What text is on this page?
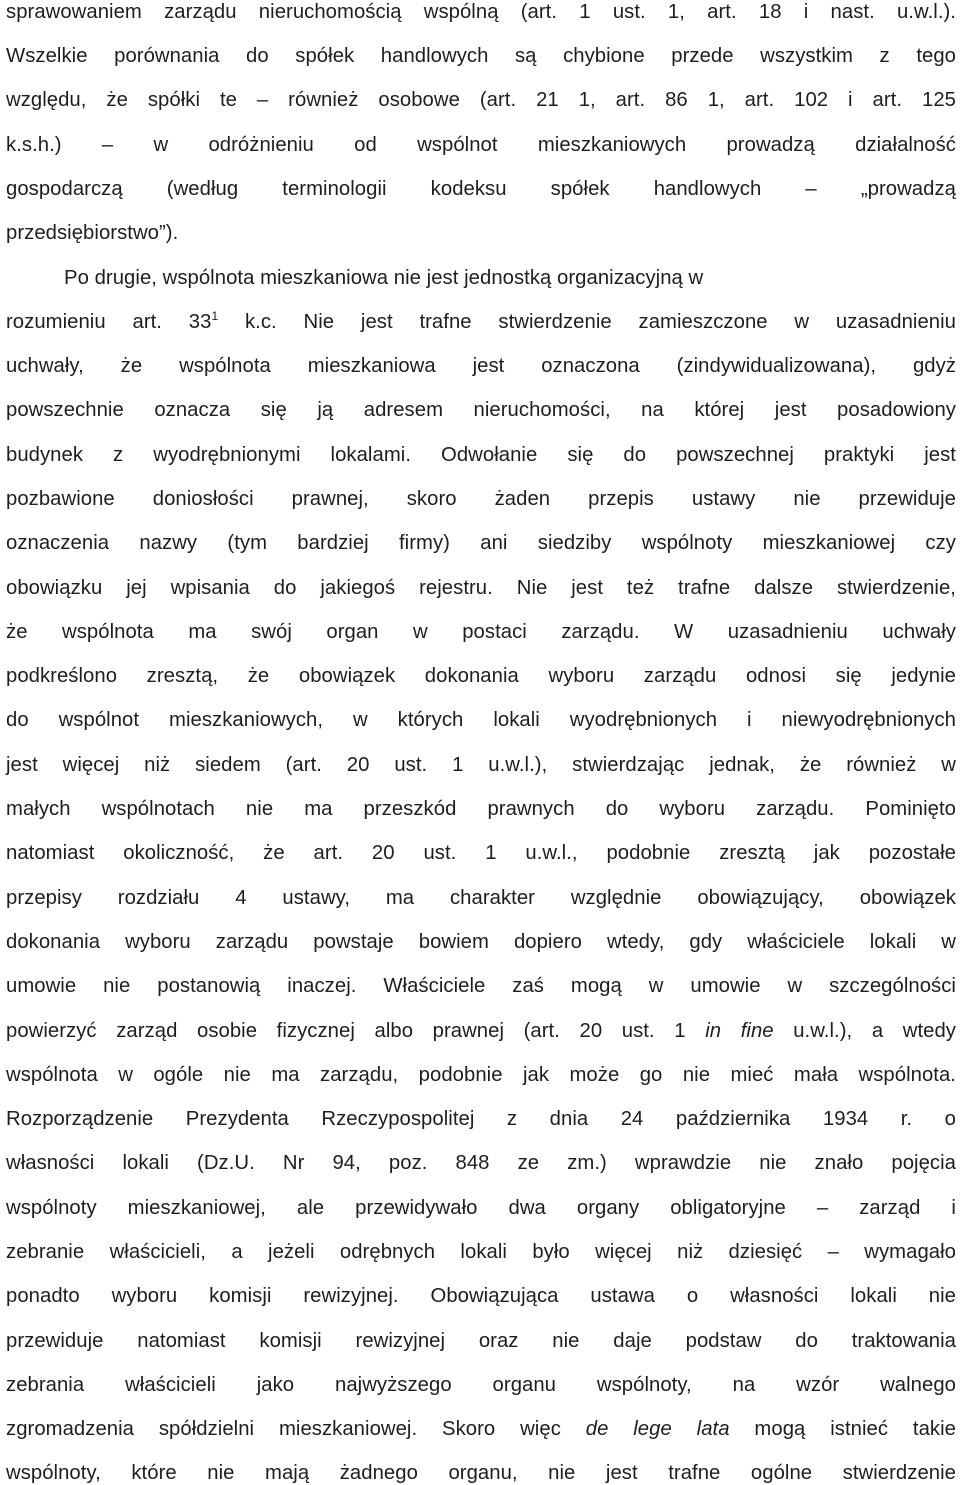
sprawowaniem zarządu nieruchomością wspólną (art. 1 ust. 1, art. 18 i nast. u.w.l.).
Wszelkie porównania do spółek handlowych są chybione przede wszystkim z tego
względu, że spółki te – również osobowe (art. 21 1, art. 86 1, art. 102 i art. 125
k.s.h.) – w odróżnieniu od wspólnot mieszkaniowych prowadzą działalność
gospodarczą (według terminologii kodeksu spółek handlowych – „prowadzą
przedsiębiorstwo”).
Po drugie, wspólnota mieszkaniowa nie jest jednostką organizacyjną w
rozumieniu art. $33^1$ k.c. Nie jest trafne stwierdzenie zamieszczone w uzasadnieniu
uchwały, że wspólnota mieszkaniowa jest oznaczona (zindywidualizowana), gdyż
powszechnie oznacza się ją adresem nieruchomości, na której jest posadowiony
budynek z wyodrębnionymi lokalami. Odwołanie się do powszechnej praktyki jest
pozbawione doniosłości prawnej, skoro żaden przepis ustawy nie przewiduje
oznaczenia nazwy (tym bardziej firmy) ani siedziby wspólnoty mieszkaniowej czy
obowiązku jej wpisania do jakiegoś rejestru. Nie jest też trafne dalsze stwierdzenie,
że wspólnota ma swój organ w postaci zarządu. W uzasadnieniu uchwały
podkreślono zresztą, że obowiązek dokonania wyboru zarządu odnosi się jedynie
do wspólnot mieszkaniowych, w których lokali wyodrębnionych i niewyodrębnionych
jest więcej niż siedem (art. 20 ust. 1 u.w.l.), stwierdzając jednak, że również w
małych wspólnotach nie ma przeszkód prawnych do wyboru zarządu. Pominięto
natomiast okoliczność, że art. 20 ust. 1 u.w.l., podobnie zresztą jak pozostałe
przepisy rozdziału 4 ustawy, ma charakter względnie obowiązujący, obowiązek
dokonania wyboru zarządu powstaje bowiem dopiero wtedy, gdy właściciele lokali w
umowie nie postanowią inaczej. Właściciele zaś mogą w umowie w szczególności
powierzyć zarząd osobie fizycznej albo prawnej (art. 20 ust. 1 in fine u.w.l.), a wtedy
wspólnota w ogóle nie ma zarządu, podobnie jak może go nie mieć mała wspólnota.
Rozporządzenie Prezydenta Rzeczypospolitej z dnia 24 października 1934 r. o
własności lokali (Dz.U. Nr 94, poz. 848 ze zm.) wprawdzie nie znało pojęcia
wspólnoty mieszkaniowej, ale przewidywało dwa organy obligatoryjne – zarząd i
zebranie właścicieli, a jeżeli odrębnych lokali było więcej niż dziesięć – wymagało
ponadto wyboru komisji rewizyjnej. Obowiązująca ustawa o własności lokali nie
przewiduje natomiast komisji rewizyjnej oraz nie daje podstaw do traktowania
zebrania właścicieli jako najwyższego organu wspólnoty, na wzór walnego
zgromadzenia spółdzielni mieszkaniowej. Skoro więc de lege lata mogą istnieć takie
wspólnoty, które nie mają żadnego organu, nie jest trafne ogólne stwierdzenie
